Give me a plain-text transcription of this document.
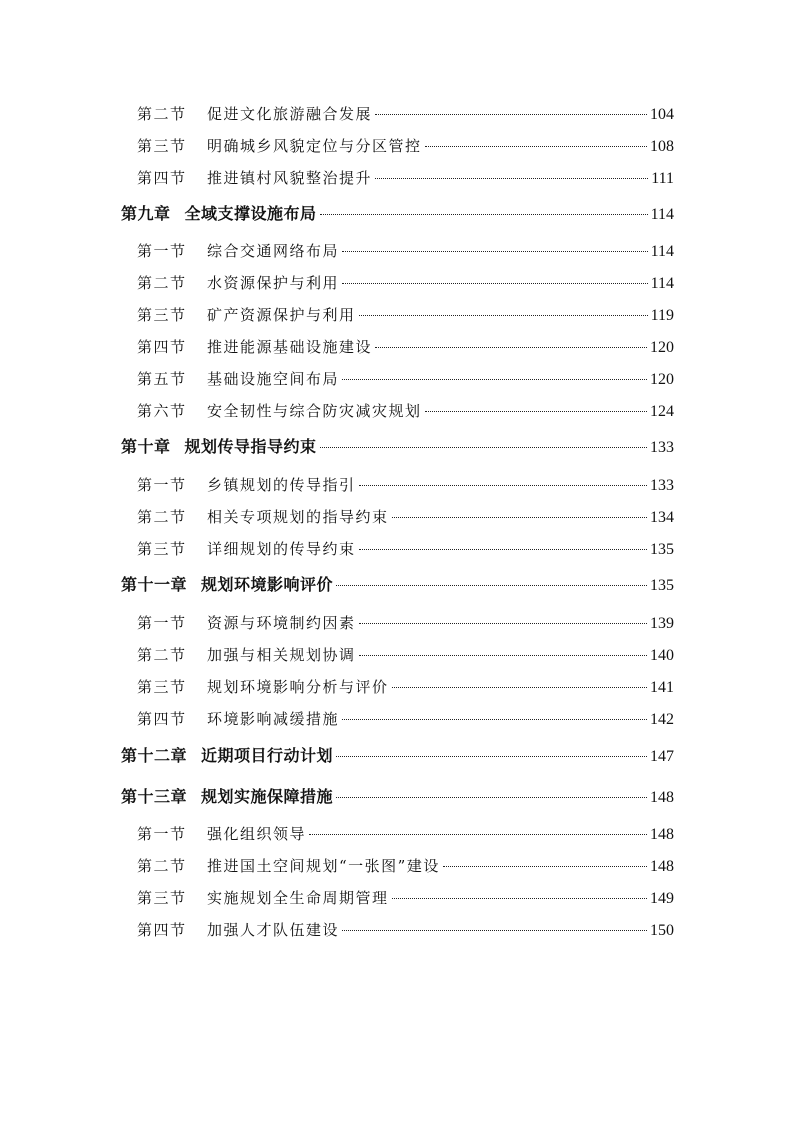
第二节	促进文化旅游融合发展	104
第三节	明确城乡风貌定位与分区管控	108
第四节	推进镇村风貌整治提升	111
第九章 全域支撑设施布局	114
第一节	综合交通网络布局	114
第二节	水资源保护与利用	114
第三节	矿产资源保护与利用	119
第四节	推进能源基础设施建设	120
第五节	基础设施空间布局	120
第六节	安全韧性与综合防灾减灾规划	124
第十章 规划传导指导约束	133
第一节	乡镇规划的传导指引	133
第二节	相关专项规划的指导约束	134
第三节	详细规划的传导约束	135
第十一章 规划环境影响评价	135
第一节	资源与环境制约因素	139
第二节	加强与相关规划协调	140
第三节	规划环境影响分析与评价	141
第四节	环境影响减缓措施	142
第十二章 近期项目行动计划	147
第十三章 规划实施保障措施	148
第一节	强化组织领导	148
第二节	推进国土空间规划“一张图”建设	148
第三节	实施规划全生命周期管理	149
第四节	加强人才队伍建设	150
